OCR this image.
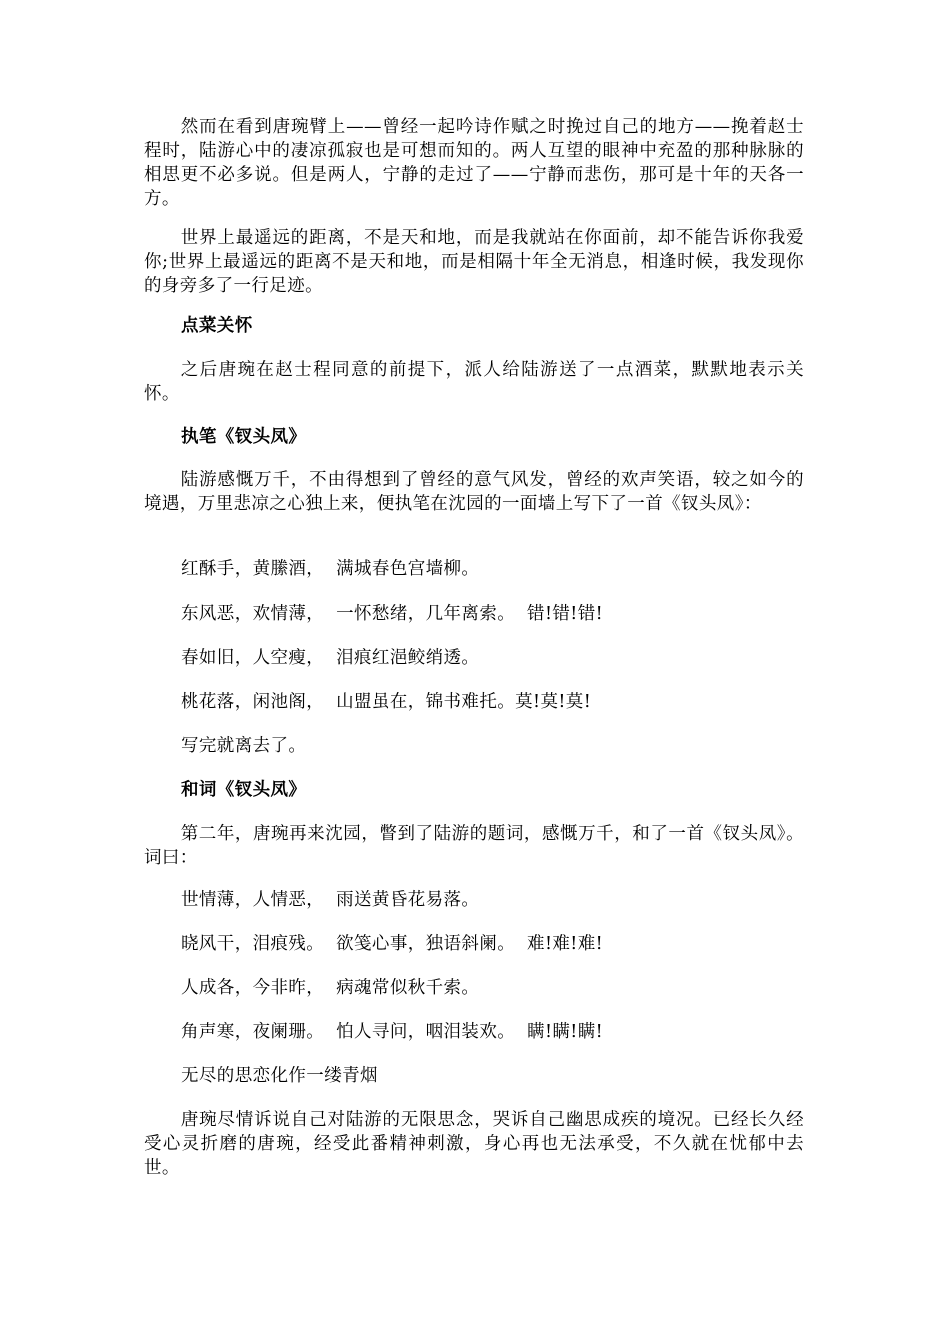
然而在看到唐琬臂上——曾经一起吟诗作赋之时挽过自己的地方——挽着赵士程时，陆游心中的凄凉孤寂也是可想而知的。两人互望的眼神中充盈的那种脉脉的相思更不必多说。但是两人，宁静的走过了——宁静而悲伤，那可是十年的天各一方。

世界上最遥远的距离，不是天和地，而是我就站在你面前，却不能告诉你我爱你;世界上最遥远的距离不是天和地，而是相隔十年全无消息，相逢时候，我发现你的身旁多了一行足迹。

点菜关怀

之后唐琬在赵士程同意的前提下，派人给陆游送了一点酒菜，默默地表示关怀。

执笔《钗头凤》

陆游感慨万千，不由得想到了曾经的意气风发，曾经的欢声笑语，较之如今的境遇，万里悲凉之心独上来，便执笔在沈园的一面墙上写下了一首《钗头凤》：

红酥手，黄縢酒，  满城春色宫墙柳。

东风恶，欢情薄，  一怀愁绪，几年离索。  错!错!错!

春如旧，人空瘦，  泪痕红浥鲛绡透。

桃花落，闲池阁，  山盟虽在，锦书难托。莫!莫!莫!

写完就离去了。

和词《钗头凤》

第二年，唐琬再来沈园，瞥到了陆游的题词，感慨万千，和了一首《钗头凤》。词曰：

世情薄，人情恶，  雨送黄昏花易落。

晓风干，泪痕残。  欲笺心事，独语斜阑。  难!难!难!

人成各，今非昨，  病魂常似秋千索。

角声寒，夜阑珊。  怕人寻问，咽泪装欢。  瞒!瞒!瞒!

无尽的思恋化作一缕青烟

唐琬尽情诉说自己对陆游的无限思念，哭诉自己幽思成疾的境况。已经长久经受心灵折磨的唐琬，经受此番精神刺激，身心再也无法承受，不久就在忧郁中去世。
